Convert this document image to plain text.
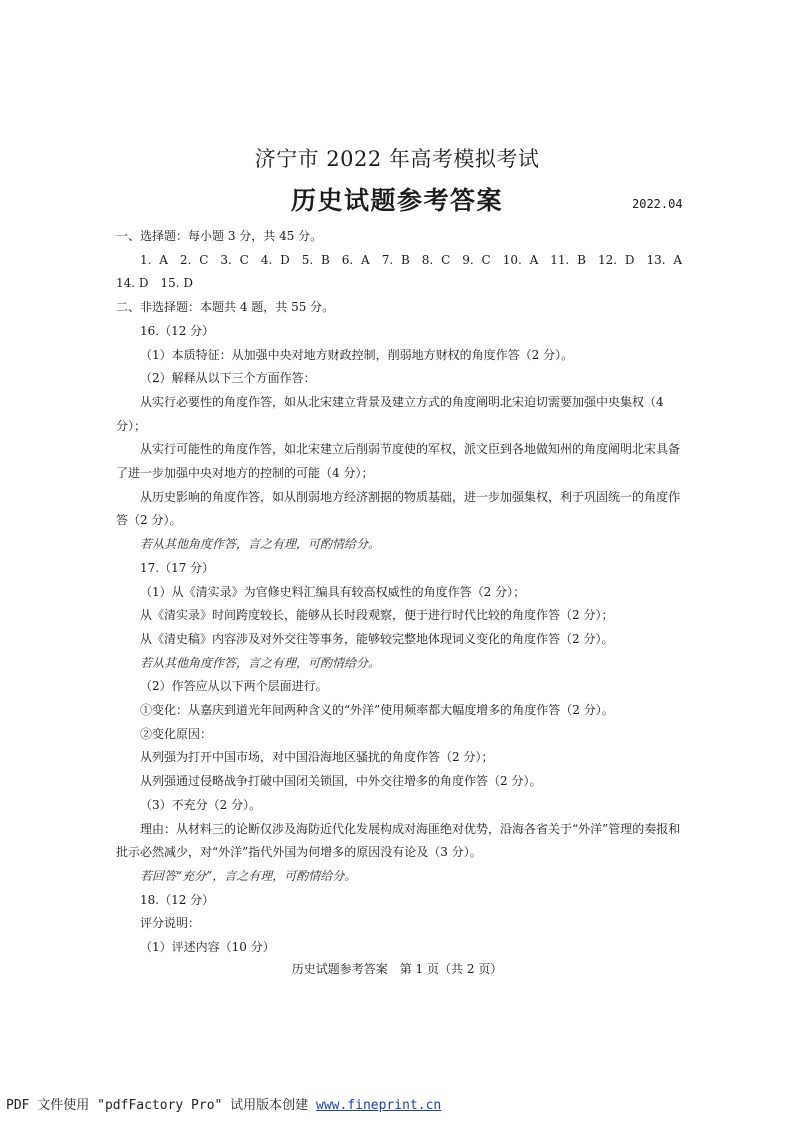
济宁市 2022 年高考模拟考试
历史试题参考答案	2022.04

一、选择题：每小题 3 分，共 45 分。

1. A　2. C　3. C　4. D　5. B　6. A　7. B　8. C　9. C　10. A　11. B　12. D　13. A

14. D　15. D

二、非选择题：本题共 4 题，共 55 分。

16.（12 分）

（1）本质特征：从加强中央对地方财政控制，削弱地方财权的角度作答（2 分）。

（2）解释从以下三个方面作答：

从实行必要性的角度作答，如从北宋建立背景及建立方式的角度阐明北宋迫切需要加强中央集权（4 分）；

从实行可能性的角度作答，如北宋建立后削弱节度使的军权，派文臣到各地做知州的角度阐明北宋具备了进一步加强中央对地方的控制的可能（4 分）；

从历史影响的角度作答，如从削弱地方经济割据的物质基础，进一步加强集权，利于巩固统一的角度作答（2 分）。

若从其他角度作答，言之有理，可酌情给分。

17.（17 分）

（1）从《清实录》为官修史料汇编具有较高权威性的角度作答（2 分）；

从《清实录》时间跨度较长，能够从长时段观察，便于进行时代比较的角度作答（2 分）；

从《清史稿》内容涉及对外交往等事务，能够较完整地体现词义变化的角度作答（2 分）。

若从其他角度作答，言之有理，可酌情给分。

（2）作答应从以下两个层面进行。

①变化：从嘉庆到道光年间两种含义的“外洋”使用频率都大幅度增多的角度作答（2 分）。

②变化原因：

从列强为打开中国市场，对中国沿海地区骚扰的角度作答（2 分）；

从列强通过侵略战争打破中国闭关锁国，中外交往增多的角度作答（2 分）。

（3）不充分（2 分）。

理由：从材料三的论断仅涉及海防近代化发展构成对海匪绝对优势，沿海各省关于“外洋”管理的奏报和批示必然减少，对“外洋”指代外国为何增多的原因没有论及（3 分）。

若回答“充分”，言之有理，可酌情给分。

18.（12 分）

评分说明：

（1）评述内容（10 分）

历史试题参考答案　第 1 页（共 2 页）
PDF 文件使用 "pdfFactory Pro" 试用版本创建 www.fineprint.cn
